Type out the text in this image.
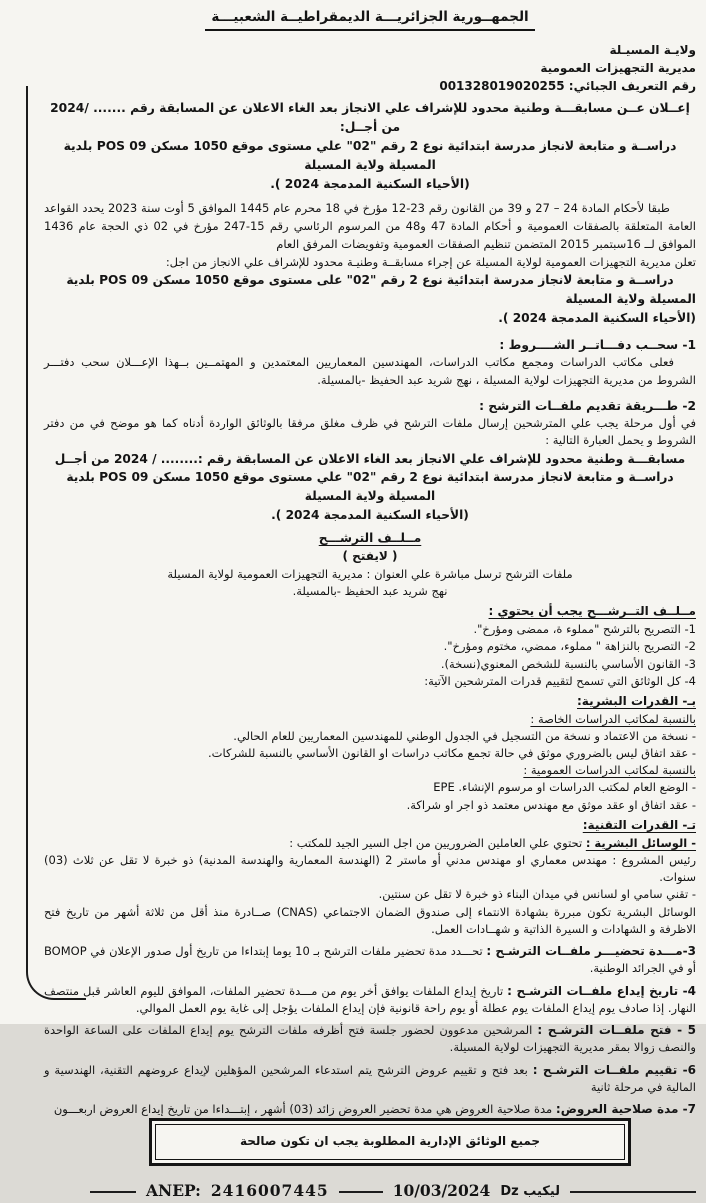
الجمهــورية الجزائريـــة الديمقراطيــة الشعبيـــة
ولايـة المسيـلة
مديرية التجهيزات العمومية
رقم التعريف الجبائي: 001328019020255
إعــلان عــن مسابقـــة وطنية محدود للإشراف علي الانجاز بعد الغاء الاعلان عن المسابقة رقم ....... /2024 من أجــل:
دراســة و متابعة لانجاز مدرسة ابتدائية نوع 2 رقم "02" علي مستوى موقع 1050 مسكن POS 09 بلدية المسيلة ولاية المسيلة
(الأحياء السكنية المدمجة 2024 ).
طبقا لأحكام المادة 24 – 27 و 39 من القانون رقم 23-12 مؤرخ في 18 محرم عام 1445 الموافق 5 أوت سنة 2023 يحدد القواعد العامة المتعلقة بالصفقات العمومية و أحكام المادة 47 و48 من المرسوم الرئاسي رقم 15-247 مؤرخ في 02 ذي الحجة عام 1436 الموافق لــ 16سبتمبر 2015 المتضمن تنظيم الصفقات العمومية وتفويضات المرفق العام
تعلن مديرية التجهيزات العمومية لولاية المسيلة عن إجراء مسابقــة وطنيـة محدود للإشراف علي الانجاز من اجل:
دراســة و متابعة لانجاز مدرسة ابتدائية نوع 2 رقم "02" على مستوى موقع 1050 مسكن POS 09 بلدية المسيلة ولاية المسيلة
(الأحياء السكنية المدمجة 2024 ).
1- سحــب دفـــاتــر الشــــروط :
فعلى مكاتب الدراسات ومجمع مكاتب الدراسات، المهندسين المعماريين المعتمدين و المهتمــين بــهذا الإعـــلان سحب دفتـــر الشروط من مديرية التجهيزات لولاية المسيلة ، نهج شريد عبد الحفيظ -بالمسيلة.
2- طـــريقة تقديم ملفــات الترشح :
في أول مرحلة يجب علي المترشحين إرسال ملفات الترشح في ظرف مغلق مرفقا بالوثائق الواردة أدناه كما هو موضح في من دفتر الشروط و يحمل العبارة التالية :
مسابقـــة وطنية محدود للإشراف علي الانجاز بعد الغاء الاعلان عن المسابقة رقم :........ / 2024 من أجــل
دراســة و متابعة لانجاز مدرسة ابتدائية نوع 2 رقم "02" علي مستوى موقع 1050 مسكن POS 09 بلدية المسيلة ولاية المسيلة
(الأحياء السكنية المدمجة 2024 ).
مــلــف الترشـــح
( لايفتح )
ملفات الترشح ترسل مباشرة علي العنوان : مديرية التجهيزات العمومية لولاية المسيلة
نهج شريد عبد الحفيظ -بالمسيلة.
مــلــف التــرشـــح يجب أن يحتوي :
1- التصريح بالترشح "مملوء ة، ممضى ومؤرخ".
2- التصريح بالنزاهة " مملوء، ممضي، مختوم ومؤرخ".
3- القانون الأساسي بالنسبة للشخص المعنوي(نسخة).
4- كل الوثائق التي تسمح لتقييم قدرات المترشحين الآتية:
بـ- القدرات البشرية:
بالنسبة لمكاتب الدراسات الخاصة :
- نسخة من الاعتماد و نسخة من التسجيل في الجدول الوطني للمهندسين المعماريين للعام الحالي.
- عقد اتفاق ليس بالضروري موثق في حالة تجمع مكاتب دراسات او القانون الأساسي بالنسبة للشركات.
بالنسبة لمكاتب الدراسات العمومية :
- الوضع العام لمكتب الدراسات او مرسوم الإنشاء. EPE
- عقد اتفاق او عقد موثق مع مهندس معتمد ذو اجر او شراكة.
تـ- القدرات التقنية:
- الوسائل البشرية : تحتوي علي العاملين الضروريين من اجل السير الجيد للمكتب :
رئيس المشروع : مهندس معماري او مهندس مدني أو ماستر 2 (الهندسة المعمارية والهندسة المدنية) ذو خبرة لا تقل عن ثلاث (03) سنوات.
- تقني سامي او لسانس في ميدان البناء ذو خبرة لا تقل عن سنتين.
الوسائل البشرية تكون مبررة بشهادة الانتماء إلى صندوق الضمان الاجتماعي (CNAS) صــادرة منذ أقل من ثلاثة أشهر من تاريخ فتح الاظرفة و الشهادات و السيرة الذاتية و شهــادات العمل.
3-مـــدة تحضيـــر ملفــات الترشـح : تحـــدد مدة تحضير ملفات الترشح بـ 10 يوما إبتداءا من تاريخ أول صدور الإعلان في BOMOP أو في الجرائد الوطنية.
4- تاريخ إيداع ملفــات الترشـح : تاريخ إيداع الملفات يوافق أخر يوم من مـــدة تحضير الملفات، الموافق لليوم العاشر قبل منتصف النهار. إذا صادف يوم إيداع الملفات يوم عطلة أو يوم راحة قانونية فإن إيداع الملفات يؤجل إلى غاية يوم العمل الموالي.
5 - فتح ملفــات الترشـح : المرشحين مدعوون لحضور جلسة فتح أظرفه ملفات الترشح يوم إيداع الملفات على الساعة الواحدة والنصف زوالا بمقر مديرية التجهيزات لولاية المسيلة.
6- تقييم ملفــات الترشـح : بعد فتح و تقييم عروض الترشح يتم استدعاء المرشحين المؤهلين لإيداع عروضهم التقنية، الهندسية و المالية في مرحلة ثانية
7- مدة صلاحية العروض: مدة صلاحية العروض هي مدة تحضير العروض زائد (03) أشهر ، إبتـــداءا من تاريخ إيداع العروض اربعـــون
جميع الوثائق الإدارية المطلوبة يجب ان تكون صالحة
ANEP: 2416007445	10/03/2024 Dz ليكيب
